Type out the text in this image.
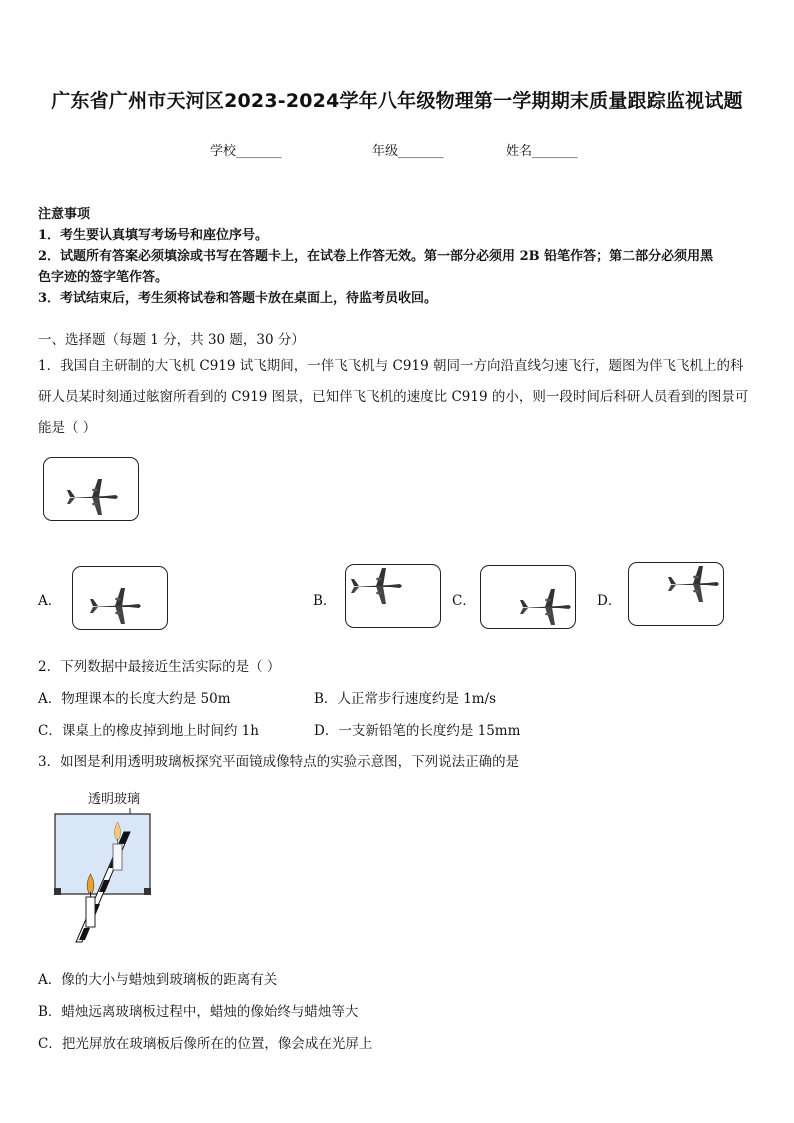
广东省广州市天河区2023-2024学年八年级物理第一学期期末质量跟踪监视试题
学校_______	年级_______	姓名_______
注意事项
1．考生要认真填写考场号和座位序号。
2．试题所有答案必须填涂或书写在答题卡上，在试卷上作答无效。第一部分必须用 2B 铅笔作答；第二部分必须用黑
色字迹的签字笔作答。
3．考试结束后，考生须将试卷和答题卡放在桌面上，待监考员收回。
一、选择题（每题 1 分，共 30 题，30 分）
1．我国自主研制的大飞机 C919 试飞期间，一伴飞飞机与 C919 朝同一方向沿直线匀速飞行，题图为伴飞飞机上的科
研人员某时刻通过舷窗所看到的 C919 图景，已知伴飞飞机的速度比 C919 的小，则一段时间后科研人员看到的图景可
能是（ ）
A．	B．	C．	D．
2．下列数据中最接近生活实际的是（ ）
A．物理课本的长度大约是 50m	B．人正常步行速度约是 1m/s
C．课桌上的橡皮掉到地上时间约 1h	D．一支新铅笔的长度约是 15mm
3．如图是利用透明玻璃板探究平面镜成像特点的实验示意图，下列说法正确的是
透明玻璃
A．像的大小与蜡烛到玻璃板的距离有关
B．蜡烛远离玻璃板过程中，蜡烛的像始终与蜡烛等大
C．把光屏放在玻璃板后像所在的位置，像会成在光屏上
